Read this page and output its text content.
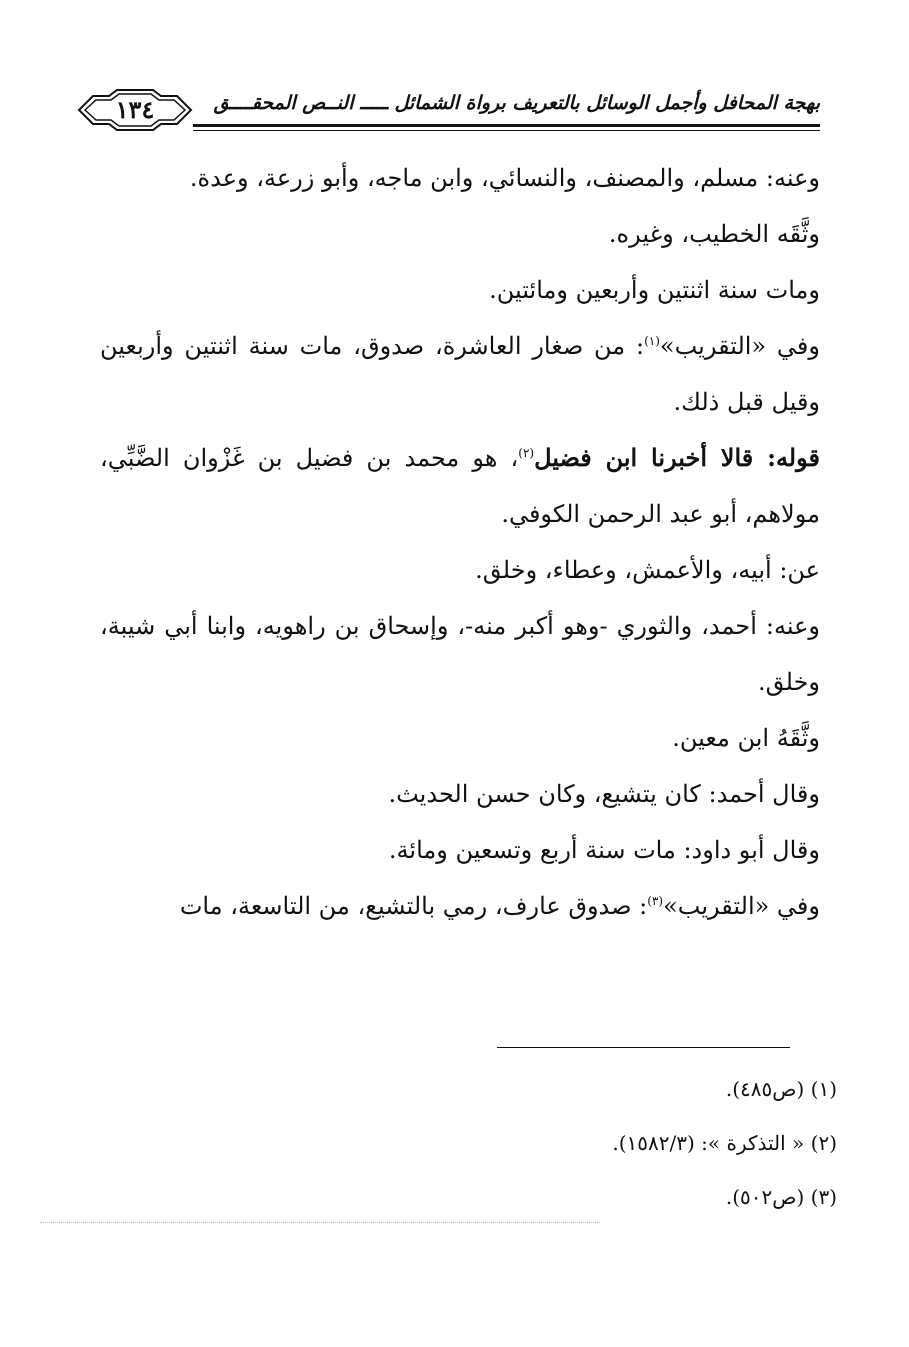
١٣٤	بهجة المحافل وأجمل الوسائل بالتعريف برواة الشمائل ـــــ النــص المحقــــق

وعنه: مسلم، والمصنف، والنسائي، وابن ماجه، وأبو زرعة، وعدة.

وثَّقَه الخطيب، وغيره.

ومات سنة اثنتين وأربعين ومائتين.

وفي «التقريب»$^{(١)}$: من صغار العاشرة، صدوق، مات سنة اثنتين وأربعين وقيل قبل ذلك.

قوله: قالا أخبرنا ابن فضيل$^{(٢)}$، هو محمد بن فضيل بن غَزْوان الضَّبِّي، مولاهم، أبو عبد الرحمن الكوفي.

عن: أبيه، والأعمش، وعطاء، وخلق.

وعنه: أحمد، والثوري -وهو أكبر منه-، وإسحاق بن راهويه، وابنا أبي شيبة، وخلق.

وثَّقَهُ ابن معين.

وقال أحمد: كان يتشيع، وكان حسن الحديث.

وقال أبو داود: مات سنة أربع وتسعين ومائة.

وفي «التقريب»$^{(٣)}$: صدوق عارف، رمي بالتشيع، من التاسعة، مات

(١) (ص٤٨٥).

(٢) « التذكرة »: (١٥٨٢/٣).

(٣) (ص٥٠٢).
